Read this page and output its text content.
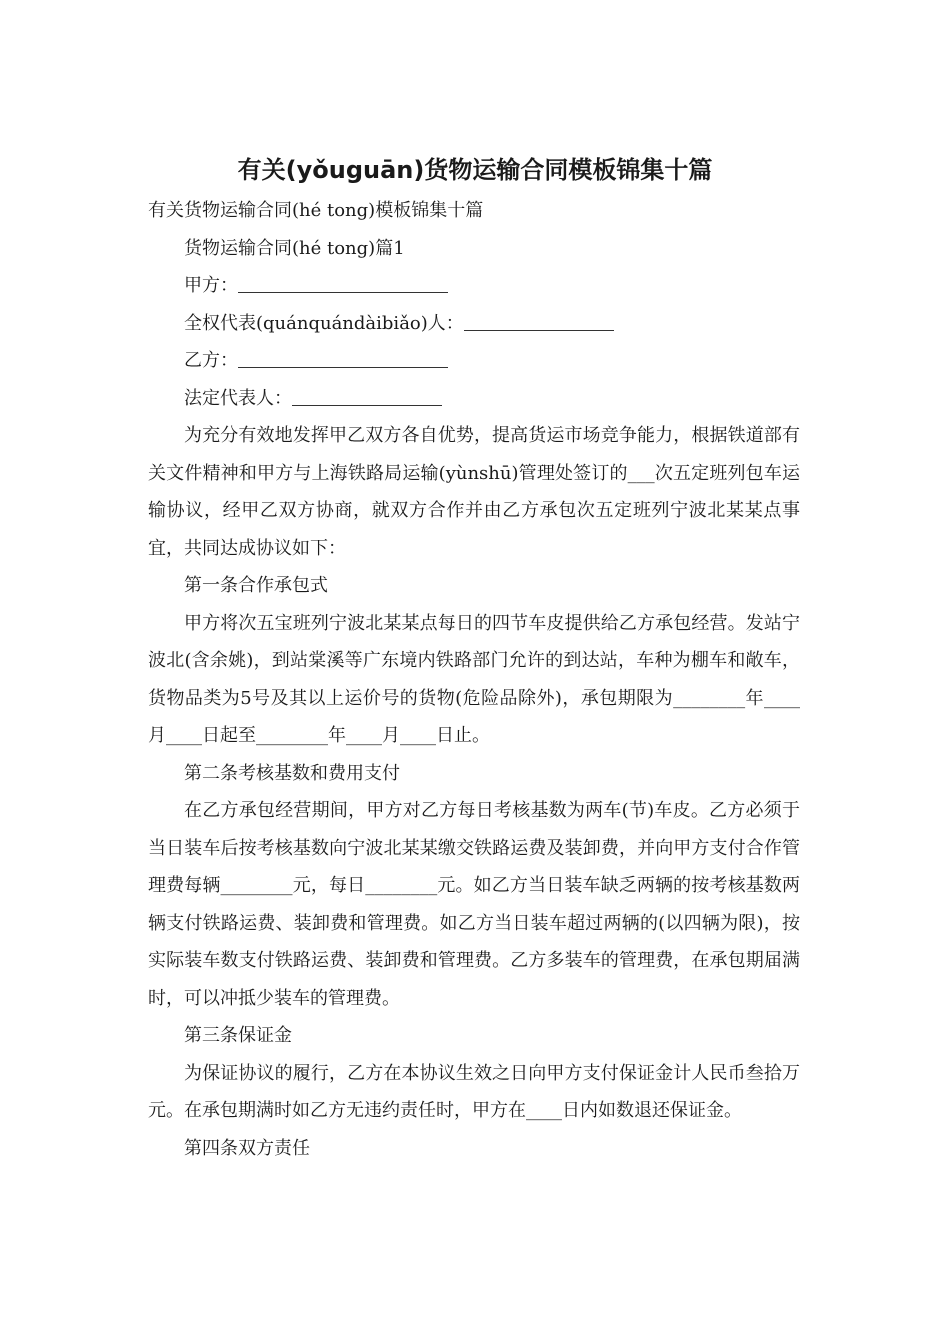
有关(yǒuguān)货物运输合同模板锦集十篇

有关货物运输合同(hé tong)模板锦集十篇

货物运输合同(hé tong)篇1

甲方：

全权代表(quánquándàibiǎo)人：

乙方：

法定代表人：

为充分有效地发挥甲乙双方各自优势，提高货运市场竞争能力，根据铁道部有关文件精神和甲方与上海铁路局运输(yùnshū)管理处签订的___次五定班列包车运输协议，经甲乙双方协商，就双方合作并由乙方承包次五定班列宁波北某某点事宜，共同达成协议如下：

第一条合作承包式

甲方将次五宝班列宁波北某某点每日的四节车皮提供给乙方承包经营。发站宁波北(含余姚)，到站棠溪等广东境内铁路部门允许的到达站，车种为棚车和敞车，货物品类为5号及其以上运价号的货物(危险品除外)，承包期限为________年____月____日起至________年____月____日止。

第二条考核基数和费用支付

在乙方承包经营期间，甲方对乙方每日考核基数为两车(节)车皮。乙方必须于当日装车后按考核基数向宁波北某某缴交铁路运费及装卸费，并向甲方支付合作管理费每辆________元，每日________元。如乙方当日装车缺乏两辆的按考核基数两辆支付铁路运费、装卸费和管理费。如乙方当日装车超过两辆的(以四辆为限)，按实际装车数支付铁路运费、装卸费和管理费。乙方多装车的管理费，在承包期届满时，可以冲抵少装车的管理费。

第三条保证金

为保证协议的履行，乙方在本协议生效之日向甲方支付保证金计人民币叁拾万元。在承包期满时如乙方无违约责任时，甲方在____日内如数退还保证金。

第四条双方责任
